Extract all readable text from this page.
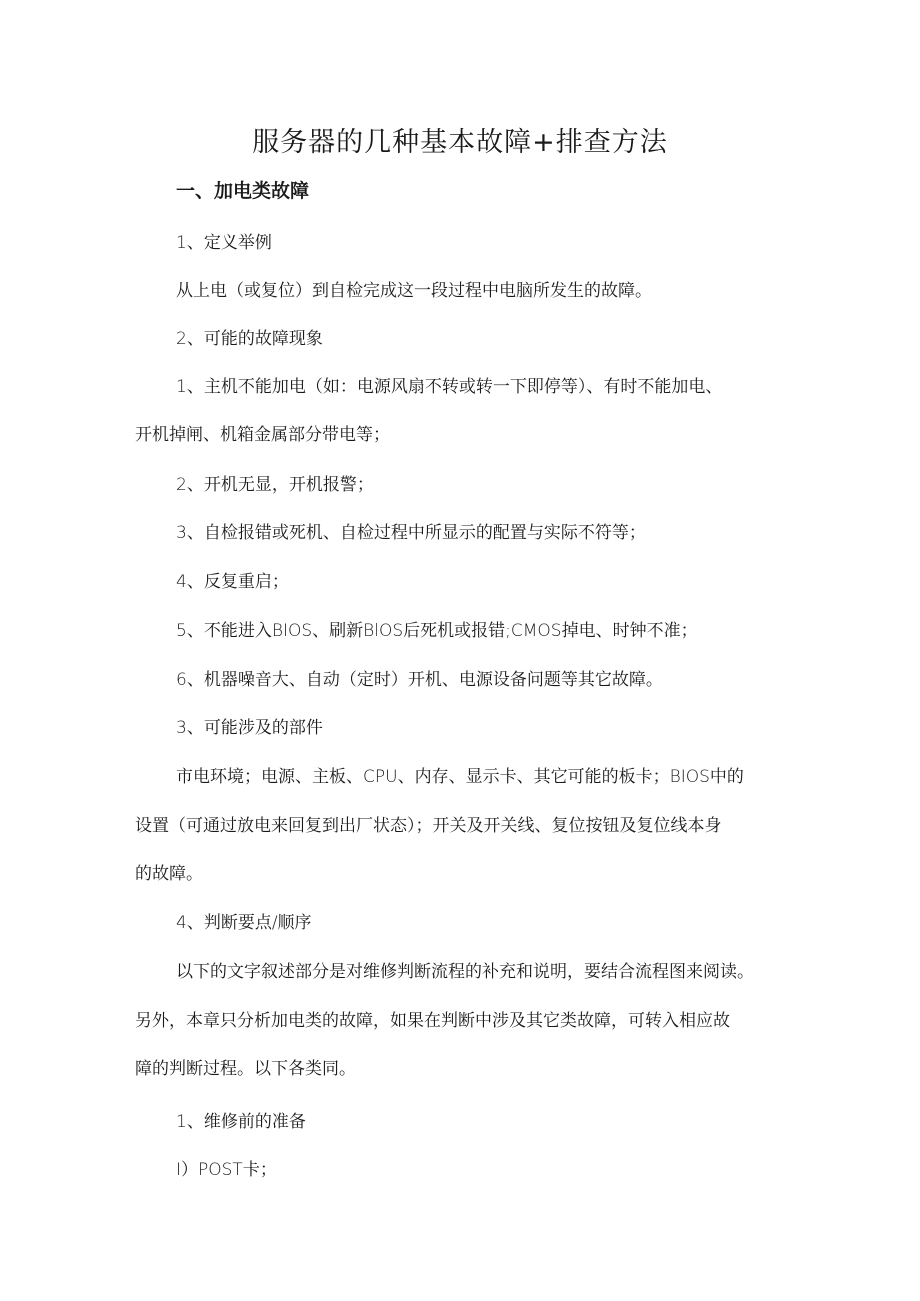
服务器的几种基本故障+排查方法
一、加电类故障

1、定义举例

从上电（或复位）到自检完成这一段过程中电脑所发生的故障。

2、可能的故障现象

1、主机不能加电（如：电源风扇不转或转一下即停等）、有时不能加电、

开机掉闸、机箱金属部分带电等；

2、开机无显，开机报警；

3、自检报错或死机、自检过程中所显示的配置与实际不符等；

4、反复重启；

5、不能进入BIOS、刷新BlOS后死机或报错;CMOS掉电、时钟不准；

6、机器噪音大、自动（定时）开机、电源设备问题等其它故障。

3、可能涉及的部件

市电环境；电源、主板、CPU、内存、显示卡、其它可能的板卡；BIOS中的

设置（可通过放电来回复到出厂状态）；开关及开关线、复位按钮及复位线本身

的故障。

4、判断要点/顺序

以下的文字叙述部分是对维修判断流程的补充和说明，要结合流程图来阅读。

另外，本章只分析加电类的故障，如果在判断中涉及其它类故障，可转入相应故

障的判断过程。以下各类同。

1、维修前的准备

I）POST卡；
